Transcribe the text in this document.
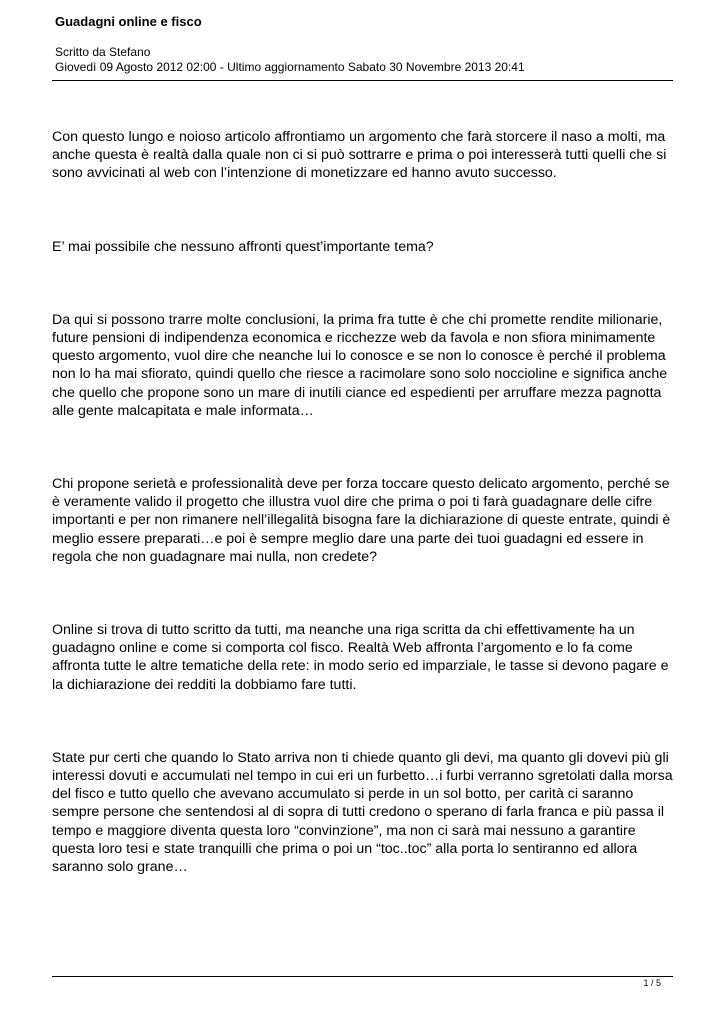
Guadagni online e fisco
Scritto da Stefano
Giovedì 09 Agosto 2012 02:00 - Ultimo aggiornamento Sabato 30 Novembre 2013 20:41

Con questo lungo e noioso articolo affrontiamo un argomento che farà storcere il naso a molti, ma anche questa è realtà dalla quale non ci si può sottrarre e prima o poi interesserà tutti quelli che si sono avvicinati al web con l’intenzione di monetizzare ed hanno avuto successo.

E’ mai possibile che nessuno affronti quest’importante tema?

Da qui si possono trarre molte conclusioni, la prima fra tutte è che chi promette rendite milionarie, future pensioni di indipendenza economica e ricchezze web da favola e non sfiora minimamente questo argomento, vuol dire che neanche lui lo conosce e se non lo conosce è perché il problema non lo ha mai sfiorato, quindi quello che riesce a racimolare sono solo noccioline e significa anche che quello che propone sono un mare di inutili ciance ed espedienti per arruffare mezza pagnotta alle gente malcapitata e male informata…

Chi propone serietà e professionalità deve per forza toccare questo delicato argomento, perché se è veramente valido il progetto che illustra vuol dire che prima o poi ti farà guadagnare delle cifre importanti e per non rimanere nell’illegalità bisogna fare la dichiarazione di queste entrate, quindi è meglio essere preparati…e poi è sempre meglio dare una parte dei tuoi guadagni ed essere in regola che non guadagnare mai nulla, non credete?

Online si trova di tutto scritto da tutti, ma neanche una riga scritta da chi effettivamente ha un guadagno online e come si comporta col fisco. Realtà Web affronta l’argomento e lo fa come affronta tutte le altre tematiche della rete: in modo serio ed imparziale, le tasse si devono pagare e la dichiarazione dei redditi la dobbiamo fare tutti.

State pur certi che quando lo Stato arriva non ti chiede quanto gli devi, ma quanto gli dovevi più gli interessi dovuti e accumulati nel tempo in cui eri un furbetto…i furbi verranno sgretolati dalla morsa del fisco e tutto quello che avevano accumulato si perde in un sol botto, per carità ci saranno sempre persone che sentendosi al di sopra di tutti credono o sperano di farla franca e più passa il tempo e maggiore diventa questa loro “convinzione”, ma non ci sarà mai nessuno a garantire questa loro tesi e state tranquilli che prima o poi un “toc..toc” alla porta lo sentiranno ed allora saranno solo grane…

1 / 5
